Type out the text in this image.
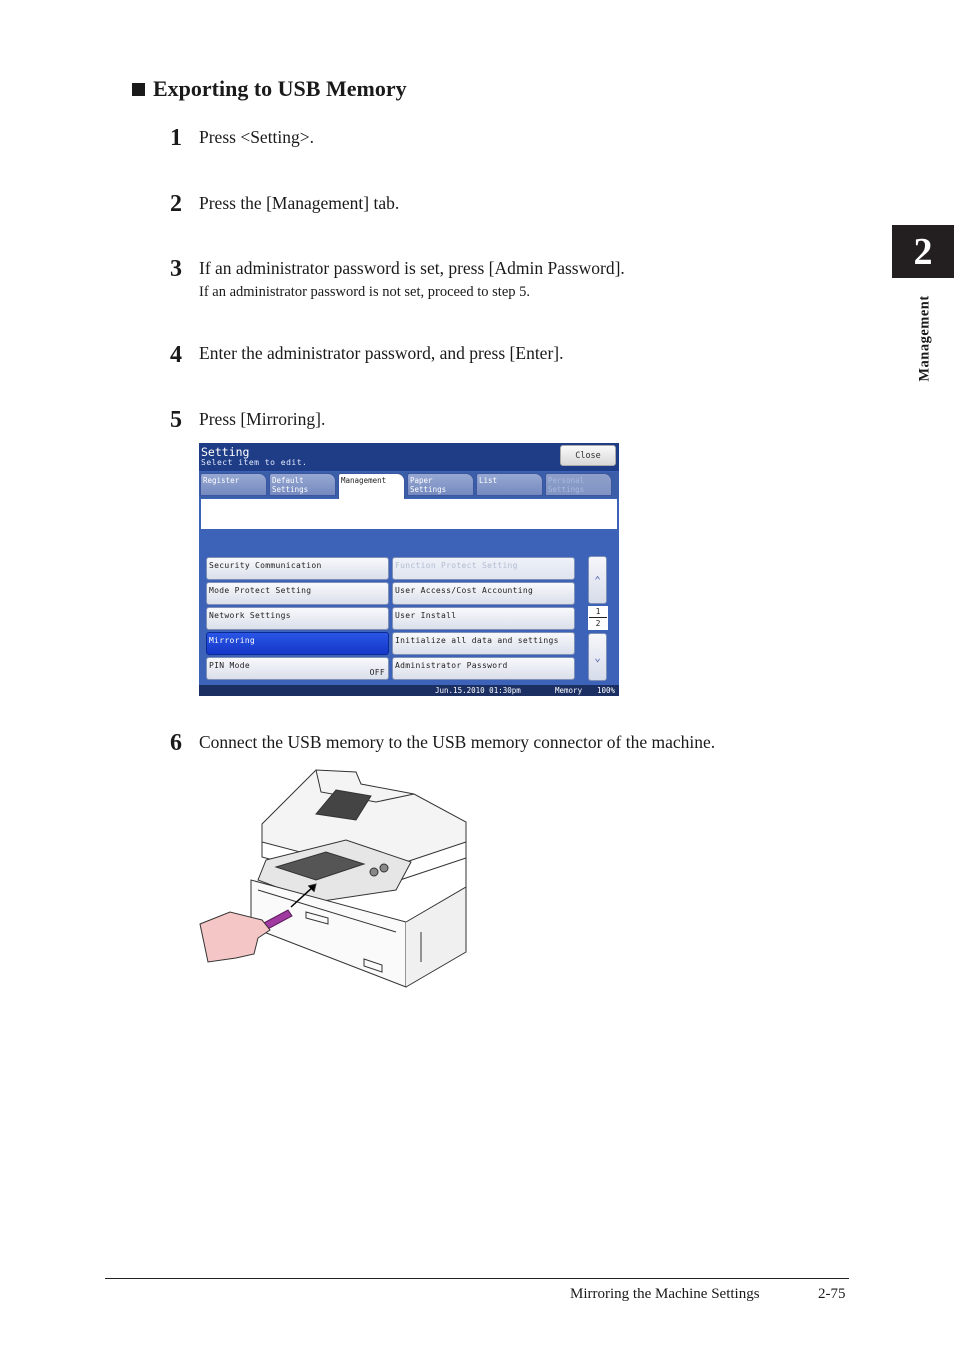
Exporting to USB Memory
2
Management
1 Press <Setting>.
2 Press the [Management] tab.
3 If an administrator password is set, press [Admin Password].
If an administrator password is not set, proceed to step 5.
4 Enter the administrator password, and press [Enter].
5 Press [Mirroring].
Setting
Select item to edit.
Close
Register	Default
Settings
Management	Paper
Settings
List	Personal
Settings
Security Communication	Function Protect Setting
Mode Protect Setting	User Access/Cost Accounting
Network Settings	User Install
Mirroring	Initialize all data and settings
PIN Mode
OFF
Administrator Password
⌃
1
2
⌄
Jun.15.2010 01:30pm	Memory 100%
6 Connect the USB memory to the USB memory connector of the machine.
Mirroring the Machine Settings	2-75
